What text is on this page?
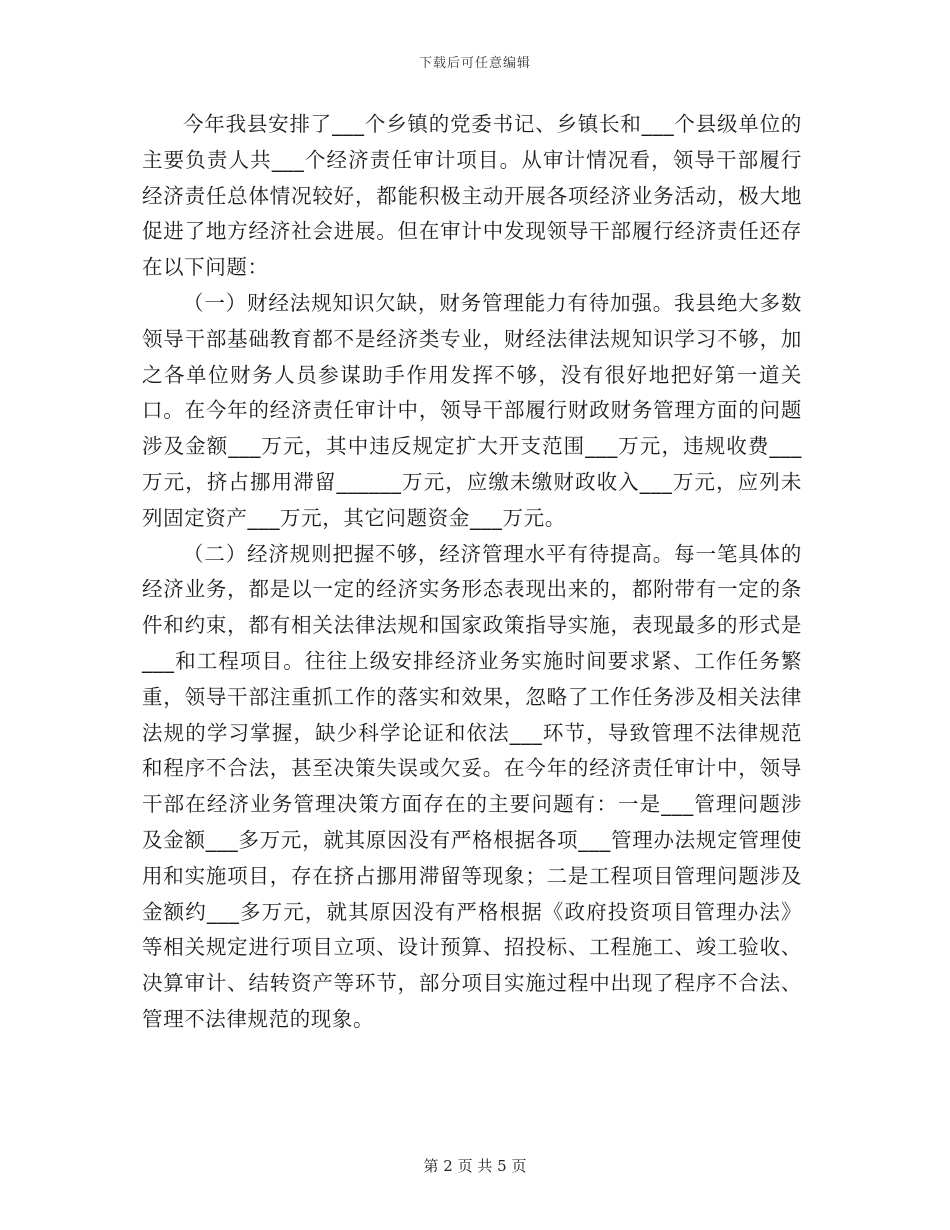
下载后可任意编辑

今年我县安排了___个乡镇的党委书记、乡镇长和___个县级单位的主要负责人共___个经济责任审计项目。从审计情况看，领导干部履行经济责任总体情况较好，都能积极主动开展各项经济业务活动，极大地促进了地方经济社会进展。但在审计中发现领导干部履行经济责任还存在以下问题：

（一）财经法规知识欠缺，财务管理能力有待加强。我县绝大多数领导干部基础教育都不是经济类专业，财经法律法规知识学习不够，加之各单位财务人员参谋助手作用发挥不够，没有很好地把好第一道关口。在今年的经济责任审计中，领导干部履行财政财务管理方面的问题涉及金额___万元，其中违反规定扩大开支范围___万元，违规收费___万元，挤占挪用滞留______万元，应缴未缴财政收入___万元，应列未列固定资产___万元，其它问题资金___万元。

（二）经济规则把握不够，经济管理水平有待提高。每一笔具体的经济业务，都是以一定的经济实务形态表现出来的，都附带有一定的条件和约束，都有相关法律法规和国家政策指导实施，表现最多的形式是___和工程项目。往往上级安排经济业务实施时间要求紧、工作任务繁重，领导干部注重抓工作的落实和效果，忽略了工作任务涉及相关法律法规的学习掌握，缺少科学论证和依法___环节，导致管理不法律规范和程序不合法，甚至决策失误或欠妥。在今年的经济责任审计中，领导干部在经济业务管理决策方面存在的主要问题有：一是___管理问题涉及金额___多万元，就其原因没有严格根据各项___管理办法规定管理使用和实施项目，存在挤占挪用滞留等现象；二是工程项目管理问题涉及金额约___多万元，就其原因没有严格根据《政府投资项目管理办法》等相关规定进行项目立项、设计预算、招投标、工程施工、竣工验收、决算审计、结转资产等环节，部分项目实施过程中出现了程序不合法、管理不法律规范的现象。

第 2 页 共 5 页
